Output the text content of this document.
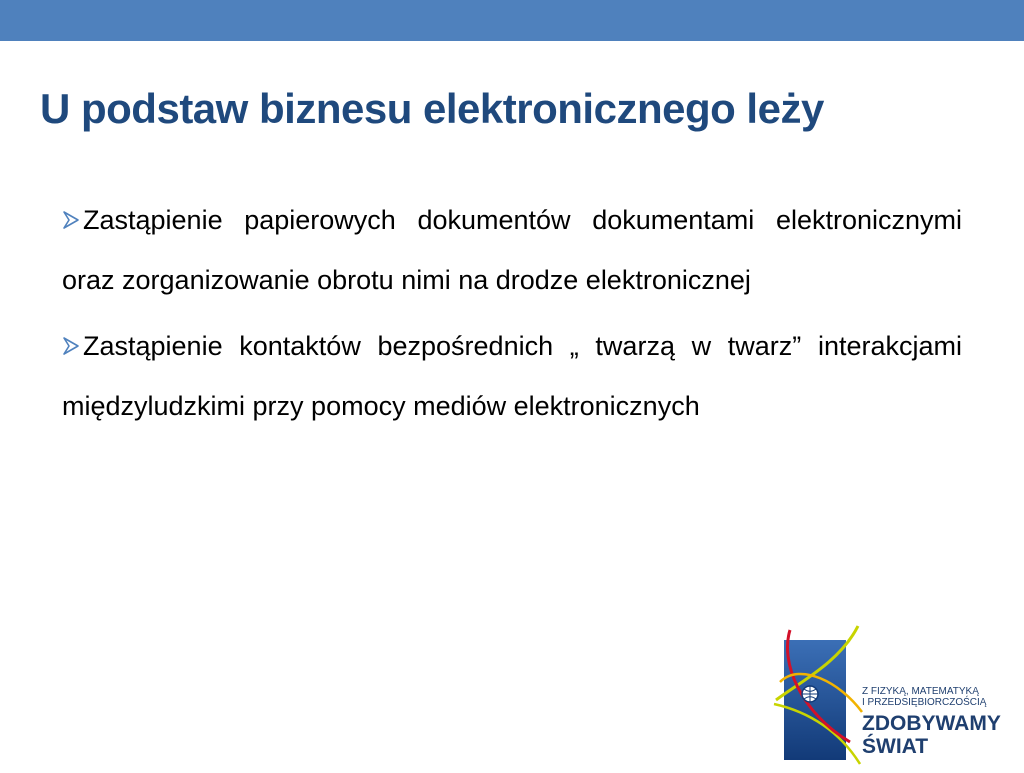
U podstaw biznesu elektronicznego leży
Zastąpienie papierowych dokumentów dokumentami elektronicznymi oraz zorganizowanie obrotu nimi na drodze elektronicznej
Zastąpienie kontaktów bezpośrednich „ twarzą w twarz” interakcjami międzyludzkimi przy pomocy mediów elektronicznych
Z FIZYKĄ, MATEMATYKĄ
I PRZEDSIĘBIORCZOŚCIĄ
ZDOBYWAMY
ŚWIAT
